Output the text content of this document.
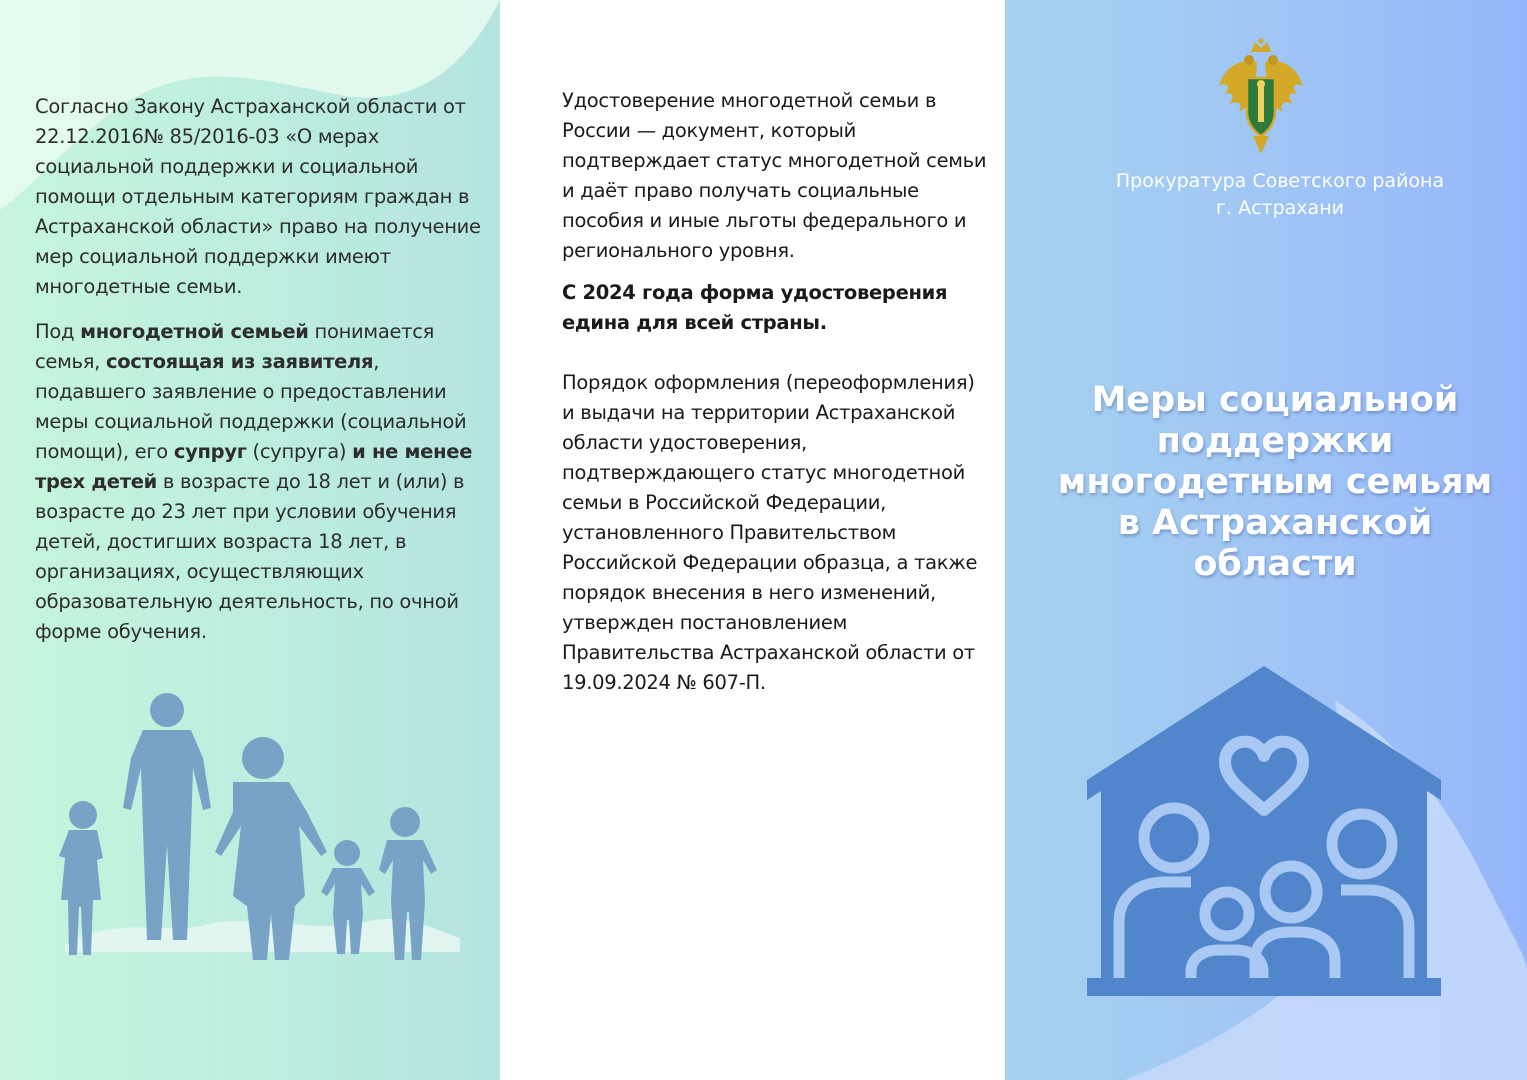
Согласно Закону Астраханской области от 22.12.2016№ 85/2016-03 «О мерах социальной поддержки и социальной помощи отдельным категориям граждан в Астраханской области» право на получение мер социальной поддержки имеют многодетные семьи.

Под многодетной семьей понимается семья, состоящая из заявителя, подавшего заявление о предоставлении меры социальной поддержки (социальной помощи), его супруг (супруга) и не менее трех детей в возрасте до 18 лет и (или) в возрасте до 23 лет при условии обучения детей, достигших возраста 18 лет, в организациях, осуществляющих образовательную деятельность, по очной форме обучения.

Удостоверение многодетной семьи в России — документ, который подтверждает статус многодетной семьи и даёт право получать социальные пособия и иные льготы федерального и регионального уровня.

С 2024 года форма удостоверения едина для всей страны.

Порядок оформления (переоформления) и выдачи на территории Астраханской области удостоверения, подтверждающего статус многодетной семьи в Российской Федерации, установленного Правительством Российской Федерации образца, а также порядок внесения в него изменений, утвержден постановлением Правительства Астраханской области от 19.09.2024 № 607-П.

Прокуратура Советского района
г. Астрахани
Меры социальной
поддержки
многодетным семьям
в Астраханской
области
